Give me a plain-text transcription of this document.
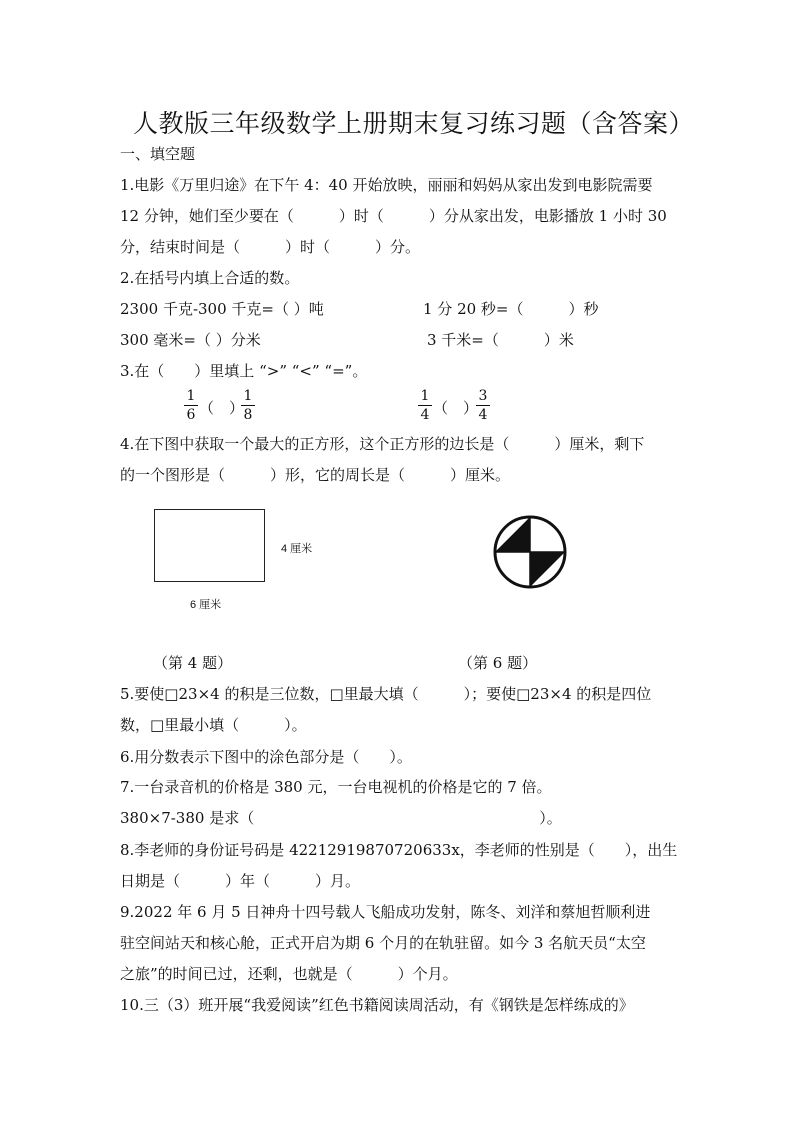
人教版三年级数学上册期末复习练习题（含答案）
一、填空题
1.电影《万里归途》在下午 4：40 开始放映，丽丽和妈妈从家出发到电影院需要
12 分钟，她们至少要在（　　　）时（　　　）分从家出发，电影播放 1 小时 30
分，结束时间是（　　　）时（　　　）分。
2.在括号内填上合适的数。
2300 千克-300 千克=（ ）吨	1 分 20 秒=（　　　）秒
300 毫米=（ ）分米	3 千米=（　　　）米
3.在（　　）里填上 “>” “<” “=”。
1
6 （　）
1
8
1
4 （　）
3
4
4.在下图中获取一个最大的正方形，这个正方形的边长是（　　　）厘米，剩下
的一个图形是（　　　）形，它的周长是（　　　）厘米。
4 厘米
6 厘米
（第 4 题）	（第 6 题）
5.要使□23×4 的积是三位数，□里最大填（　　　）；要使□23×4 的积是四位
数，□里最小填（　　　）。
6.用分数表示下图中的涂色部分是（　　）。
7.一台录音机的价格是 380 元，一台电视机的价格是它的 7 倍。
380×7-380 是求（　　　　　　　　　　　　　　　　　　　）。
8.李老师的身份证号码是 42212919870720633x，李老师的性别是（　　），出生
日期是（　　　）年（　　　）月。
9.2022 年 6 月 5 日神舟十四号载人飞船成功发射，陈冬、刘洋和蔡旭哲顺利进
驻空间站天和核心舱，正式开启为期 6 个月的在轨驻留。如今 3 名航天员“太空
之旅”的时间已过，还剩，也就是（　　　）个月。
10.三（3）班开展“我爱阅读”红色书籍阅读周活动，有《钢铁是怎样练成的》
